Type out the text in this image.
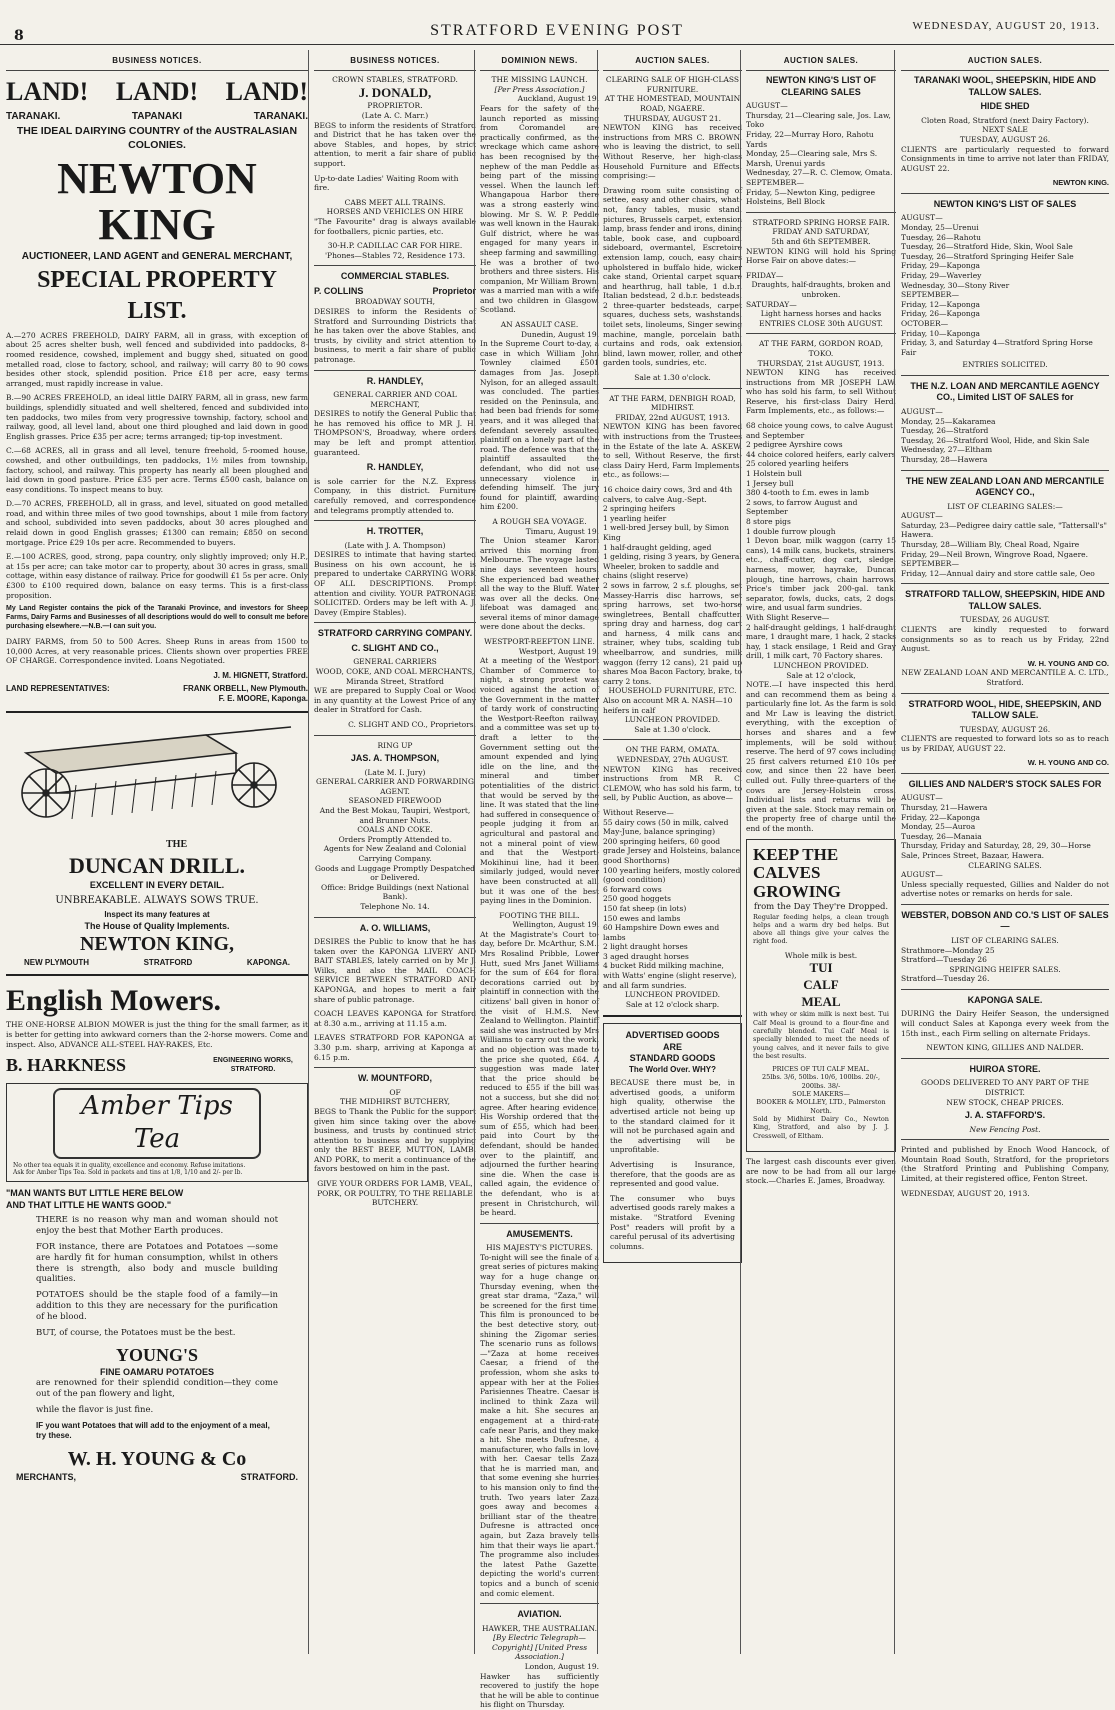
8	STRATFORD EVENING POST	WEDNESDAY, AUGUST 20, 1913.
BUSINESS NOTICES.
LAND! LAND! LAND!
TARANAKI.	TAPANAKI	TARANAKI.
THE IDEAL DAIRYING COUNTRY of the AUSTRALASIAN COLONIES.
NEWTON KING
AUCTIONEER, LAND AGENT and GENERAL MERCHANT,
SPECIAL PROPERTY LIST.

A.—270 ACRES FREEHOLD, DAIRY FARM, all in grass, with exception of about 25 acres shelter bush, well fenced and subdivided into paddocks, 8-roomed residence, cowshed, implement and buggy shed, situated on good metalled road, close to factory, school, and railway; will carry 80 to 90 cows besides other stock, splendid position. Price £18 per acre, easy terms arranged, must rapidly increase in value.

B.—90 ACRES FREEHOLD, an ideal little DAIRY FARM, all in grass, new farm buildings, splendidly situated and well sheltered, fenced and subdivided into ten paddocks, two miles from very progressive township, factory, school and railway, good, all level land, about one third ploughed and laid down in good English grasses. Price £35 per acre; terms arranged; tip-top investment.

C.—68 ACRES, all in grass and all level, tenure freehold, 5-roomed house, cowshed, and other outbuildings, ten paddocks, 1½ miles from township, factory, school, and railway. This property has nearly all been ploughed and laid down in good pasture. Price £35 per acre. Terms £500 cash, balance on easy conditions. To inspect means to buy.

D.—70 ACRES, FREEHOLD, all in grass, and level, situated on good metalled road, and within three miles of two good townships, about 1 mile from factory and school, subdivided into seven paddocks, about 30 acres ploughed and relaid down in good English grasses; £1300 can remain; £850 on second mortgage. Price £29 10s per acre. Recommended to buyers.

E.—100 ACRES, good, strong, papa country, only slightly improved; only H.P., at 15s per acre; can take motor car to property, about 30 acres in grass, small cottage, within easy distance of railway. Price for goodwill £1 5s per acre. Only £300 to £100 required down, balance on easy terms. This is a first-class proposition.

My Land Register contains the pick of the Taranaki Province, and investors for Sheep Farms, Dairy Farms and Businesses of all descriptions would do well to consult me before purchasing elsewhere.—N.B.—I can suit you.

DAIRY FARMS, from 50 to 500 Acres. Sheep Runs in areas from 1500 to 10,000 Acres, at very reasonable prices. Clients shown over properties FREE OF CHARGE. Correspondence invited. Loans Negotiated.

J. M. HIGNETT, Stratford.
LAND REPRESENTATIVES:	FRANK ORBELL, New Plymouth.
F. E. MOORE, Kaponga.
THE
DUNCAN DRILL.
EXCELLENT IN EVERY DETAIL.
UNBREAKABLE. ALWAYS SOWS TRUE.
Inspect its many features at
The House of Quality Implements.
NEWTON KING,
NEW PLYMOUTH	STRATFORD	KAPONGA.
English Mowers.

THE ONE-HORSE ALBION MOWER is just the thing for the small farmer, as it is better for getting into awkward corners than the 2-horse mowers. Come and inspect. Also, ADVANCE ALL-STEEL HAY-RAKES, Etc.

B. HARKNESS	ENGINEERING WORKS, STRATFORD.
Amber Tips Tea
No other tea equals it in quality, excellence and economy. Refuse imitations.
Ask for Amber Tips Tea. Sold in packets and tins at 1/8, 1/10 and 2/- per lb.
"MAN WANTS BUT LITTLE HERE BELOW
AND THAT LITTLE HE WANTS GOOD."

THERE is no reason why man and woman should not enjoy the best that Mother Earth produces.

FOR instance, there are Potatoes and Potatoes —some are hardly fit for human consumption, whilst in others there is strength, also body and muscle building qualities.

POTATOES should be the staple food of a family—in addition to this they are necessary for the purification of he blood.

BUT, of course, the Potatoes must be the best.

YOUNG'S
FINE OAMARU POTATOES

are renowned for their splendid condition—they come out of the pan flowery and light,

while the flavor is just fine.

IF you want Potatoes that will add to the enjoyment of a meal, try these.

W. H. YOUNG & Co
MERCHANTS,	STRATFORD.
BUSINESS NOTICES.
CROWN STABLES, STRATFORD.
J. DONALD,
PROPRIETOR.
(Late A. C. Marr.)

BEGS to inform the residents of Stratford and District that he has taken over the above Stables, and hopes, by strict attention, to merit a fair share of public support.

Up-to-date Ladies' Waiting Room with fire.

CABS MEET ALL TRAINS.
HORSES AND VEHICLES ON HIRE

"The Favourite" drag is always available for footballers, picnic parties, etc.

30-H.P. CADILLAC CAR FOR HIRE.
'Phones—Stables 72, Residence 173.
COMMERCIAL STABLES.
P. COLLINS	Proprietor
BROADWAY SOUTH,

DESIRES to inform the Residents of Stratford and Surrounding Districts that he has taken over the above Stables, and trusts, by civility and strict attention to business, to merit a fair share of public patronage.

R. HANDLEY,
GENERAL CARRIER AND COAL MERCHANT,

DESIRES to notify the General Public that he has removed his office to MR J. H. THOMPSON'S, Broadway, where orders may be left and prompt attention guaranteed.

R. HANDLEY,

is sole carrier for the N.Z. Express Company, in this district. Furniture carefully removed, and correspondence and telegrams promptly attended to.

H. TROTTER,
(Late with J. A. Thompson)

DESIRES to intimate that having started Business on his own account, he is prepared to undertake CARRYING WORK OF ALL DESCRIPTIONS. Prompt attention and civility. YOUR PATRONAGE SOLICITED. Orders may be left with A. J. Davey (Empire Stables).

STRATFORD CARRYING COMPANY.
C. SLIGHT AND CO.,
GENERAL CARRIERS
WOOD, COKE, AND COAL MERCHANTS,
Miranda Street, Stratford

WE are prepared to Supply Coal or Wood in any quantity at the Lowest Price of any dealer in Stratford for Cash.

C. SLIGHT AND CO., Proprietors.
RING UP
JAS. A. THOMPSON,
(Late M. I. Jury)
GENERAL CARRIER AND FORWARDING AGENT.
SEASONED FIREWOOD
And the Best Mokau, Taupiri, Westport, and Brunner Nuts.
COALS AND COKE.
Orders Promptly Attended to.
Agents for New Zealand and Colonial Carrying Company.
Goods and Luggage Promptly Despatched or Delivered.
Office: Bridge Buildings (next National Bank).
Telephone No. 14.
A. O. WILLIAMS,

DESIRES the Public to know that he has taken over the KAPONGA LIVERY AND BAIT STABLES, lately carried on by Mr J. Wilks, and also the MAIL COACH SERVICE BETWEEN STRATFORD AND KAPONGA, and hopes to merit a fair share of public patronage.

COACH LEAVES KAPONGA for Stratford at 8.30 a.m., arriving at 11.15 a.m.

LEAVES STRATFORD FOR KAPONGA at 3.30 p.m. sharp, arriving at Kaponga at 6.15 p.m.

W. MOUNTFORD,
OF
THE MIDHIRST BUTCHERY,

BEGS to Thank the Public for the support given him since taking over the above business, and trusts by continued strict attention to business and by supplying only the BEST BEEF, MUTTON, LAMB, AND PORK, to merit a continuance of the favors bestowed on him in the past.

GIVE YOUR ORDERS FOR LAMB, VEAL, PORK, OR POULTRY, TO THE RELIABLE BUTCHERY.
DOMINION NEWS.
THE MISSING LAUNCH.
[Per Press Association.]
Auckland, August 19.

Fears for the safety of the launch reported as missing from Coromandel are practically confirmed, as the wreckage which came ashore has been recognised by the nephew of the man Peddle as being part of the missing vessel. When the launch left Whangapoua Harbor there was a strong easterly wind blowing. Mr S. W. P. Peddle was well known in the Hauraki Gulf district, where he was engaged for many years in sheep farming and sawmilling. He was a brother of two brothers and three sisters. His companion, Mr William Brown, was a married man with a wife and two children in Glasgow, Scotland.

AN ASSAULT CASE.
Dunedin, August 19.

In the Supreme Court to-day, a case in which William John Townley claimed £501 damages from Jas. Joseph Nylson, for an alleged assault, was concluded. The parties resided on the Peninsula, and had been bad friends for some years, and it was alleged that defendant severely assaulted plaintiff on a lonely part of the road. The defence was that the plaintiff assaulted the defendant, who did not use unnecessary violence in defending himself. The jury found for plaintiff, awarding him £200.

A ROUGH SEA VOYAGE.
Timaru, August 19.

The Union steamer Karori arrived this morning from Melbourne. The voyage lasted nine days seventeen hours. She experienced bad weather all the way to the Bluff. Water was over all the decks. One lifeboat was damaged and several items of minor damage were done about the decks.

WESTPORT-REEFTON LINE.
Westport, August 19.

At a meeting of the Westport Chamber of Commerce to-night, a strong protest was voiced against the action of the Government in the matter of tardy work of constructing the Westport-Reefton railway, and a committee was set up to draft a letter to the Government setting out the amount expended and lying idle on the line, and the mineral and timber potentialities of the district that would be served by the line. It was stated that the line had suffered in consequence of people judging it from an agricultural and pastoral and not a mineral point of view, and that the Westport-Mokihinui line, had it been similarly judged, would never have been constructed at all, but it was one of the best paying lines in the Dominion.

FOOTING THE BILL.
Wellington, August 19.

At the Magistrate's Court to-day, before Dr. McArthur, S.M., Mrs Rosalind Pribble, Lower Hutt, sued Mrs Janet Williams for the sum of £64 for floral decorations carried out by plaintiff in connection with the citizens' ball given in honor of the visit of H.M.S. New Zealand to Wellington. Plaintiff said she was instructed by Mrs Williams to carry out the work, and no objection was made to the price she quoted, £64. A suggestion was made later that the price should be reduced to £55 if the bill was not a success, but she did not agree. After hearing evidence, His Worship ordered that the sum of £55, which had been paid into Court by the defendant, should be handed over to the plaintiff, and adjourned the further hearing sine die. When the case is called again, the evidence of the defendant, who is at present in Christchurch, will be heard.

AMUSEMENTS.
HIS MAJESTY'S PICTURES.

To-night will see the finale of a great series of pictures making way for a huge change on Thursday evening, when the great star drama, "Zaza," will be screened for the first time. This film is pronounced to be the best detective story, out-shining the Zigomar series. The scenario runs as follows:—"Zaza at home receives Caesar, a friend of the profession, whom she asks to appear with her at the Folies Parisiennes Theatre. Caesar is inclined to think Zaza will make a hit. She secures an engagement at a third-rate cafe near Paris, and they make a hit. She meets Dufresne, a manufacturer, who falls in love with her. Caesar tells Zaza that he is married man, and that some evening she hurries to his mansion only to find the truth. Two years later Zaza goes away and becomes a brilliant star of the theatre. Dufresne is attracted once again, but Zaza bravely tells him that their ways lie apart." The programme also includes the latest Pathe Gazette, depicting the world's current topics and a bunch of scenic and comic element.

AVIATION.
HAWKER, THE AUSTRALIAN.
[By Electric Telegraph—Copyright] [United Press Association.]
London, August 19.

Hawker has sufficiently recovered to justify the hope that he will be able to continue his flight on Thursday.

AUCTION SALES.
CLEARING SALE OF HIGH-CLASS FURNITURE.
AT THE HOMESTEAD, MOUNTAIN ROAD, NGAERE.
THURSDAY, AUGUST 21.

NEWTON KING has received instructions from MRS C. BROWN, who is leaving the district, to sell, Without Reserve, her high-class Household Furniture and Effects, comprising:—

Drawing room suite consisting of settee, easy and other chairs, what-not, fancy tables, music stand, pictures, Brussels carpet, extension lamp, brass fender and irons, dining table, book case, and cupboard, sideboard, overmantel, Escretoire extension lamp, couch, easy chairs upholstered in buffalo hide, wicker cake stand, Oriental carpet square and hearthrug, hall table, 1 d.b.r. Italian bedstead, 2 d.b.r. bedsteads, 2 three-quarter bedsteads, carpet squares, duchess sets, washstands, toilet sets, linoleums, Singer sewing machine, mangle, porcelain bath, curtains and rods, oak extension blind, lawn mower, roller, and other garden tools, sundries, etc.

Sale at 1.30 o'clock.
AT THE FARM, DENBIGH ROAD, MIDHIRST.
FRIDAY, 22nd AUGUST, 1913.

NEWTON KING has been favored with instructions from the Trustees in the Estate of the late A. ASKEW, to sell, Without Reserve, the first-class Dairy Herd, Farm Implements, etc., as follows:—

16 choice dairy cows, 3rd and 4th calvers, to calve Aug.-Sept.
2 springing heifers
1 yearling heifer
1 well-bred Jersey bull, by Simon King
1 half-draught gelding, aged
1 gelding, rising 3 years, by General Wheeler, broken to saddle and chains (slight reserve)
2 sows in farrow, 2 s.f. ploughs, set Massey-Harris disc harrows, set spring harrows, set two-horse swingletrees, Bentall chaffcutter, spring dray and harness, dog cart and harness, 4 milk cans and strainer, whey tubs, scalding tub, wheelbarrow, and sundries, milk waggon (ferry 12 cans), 21 paid up shares Moa Bacon Factory, brake, to carry 2 tons.
HOUSEHOLD FURNITURE, ETC.
Also on account MR A. NASH—10 heifers in calf
LUNCHEON PROVIDED.
Sale at 1.30 o'clock.
ON THE FARM, OMATA.
WEDNESDAY, 27th AUGUST.

NEWTON KING has received instructions from MR R. C. CLEMOW, who has sold his farm, to sell, by Public Auction, as above—

Without Reserve—
55 dairy cows (50 in milk, calved May-June, balance springing)
200 springing heifers, 60 good grade Jersey and Holsteins, balance good Shorthorns)
100 yearling heifers, mostly colored (good condition)
6 forward cows
250 good hoggets
150 fat sheep (in lots)
150 ewes and lambs
60 Hampshire Down ewes and lambs
2 light draught horses
3 aged draught horses
4 bucket Ridd milking machine, with Watts' engine (slight reserve), and all farm sundries.
LUNCHEON PROVIDED.
Sale at 12 o'clock sharp.
ADVERTISED GOODS
ARE
STANDARD GOODS
The World Over. WHY?

BECAUSE there must be, in advertised goods, a uniform high quality, otherwise the advertised article not being up to the standard claimed for it will not be purchased again and the advertising will be unprofitable.

Advertising is Insurance, therefore, that the goods are as represented and good value.

The consumer who buys advertised goods rarely makes a mistake. "Stratford Evening Post" readers will profit by a careful perusal of its advertising columns.

AUCTION SALES.
NEWTON KING'S LIST OF CLEARING SALES
AUGUST—
Thursday, 21—Clearing sale, Jos. Law, Toko
Friday, 22—Murray Horo, Rahotu Yards
Monday, 25—Clearing sale, Mrs S. Marsh, Urenui yards
Wednesday, 27—R. C. Clemow, Omata.
SEPTEMBER—
Friday, 5—Newton King, pedigree Holsteins, Bell Block
STRATFORD SPRING HORSE FAIR.
FRIDAY AND SATURDAY,
5th and 6th SEPTEMBER.

NEWTON KING will hold his Spring Horse Fair on above dates:—

FRIDAY—
Draughts, half-draughts, broken and unbroken.
SATURDAY—
Light harness horses and hacks
ENTRIES CLOSE 30th AUGUST.
AT THE FARM, GORDON ROAD, TOKO.
THURSDAY, 21st AUGUST, 1913.

NEWTON KING has received instructions from MR JOSEPH LAW, who has sold his farm, to sell Without Reserve, his first-class Dairy Herd, Farm Implements, etc., as follows:—

68 choice young cows, to calve August and September
2 pedigree Ayrshire cows
44 choice colored heifers, early calvers
25 colored yearling heifers
1 Holstein bull
1 Jersey bull
380 4-tooth to f.m. ewes in lamb
2 sows, to farrow August and September
8 store pigs
1 double furrow plough
1 Devon boar, milk waggon (carry 15 cans), 14 milk cans, buckets, strainers, etc., chaff-cutter, dog cart, sledge, harness, mower, hayrake, Duncan plough, tine harrows, chain harrows, Price's timber jack 200-gal. tank, separator, fowls, ducks, cats, 2 dogs, wire, and usual farm sundries.
With Slight Reserve—
2 half-draught geldings, 1 half-draught mare, 1 draught mare, 1 hack, 2 stacks hay, 1 stack ensilage, 1 Reid and Gray drill, 1 milk cart, 70 Factory shares.
LUNCHEON PROVIDED.
Sale at 12 o'clock,

NOTE.—I have inspected this herd, and can recommend them as being a particularly fine lot. As the farm is sold and Mr Law is leaving the district, everything, with the exception of horses and shares and a few implements, will be sold without reserve. The herd of 97 cows including 25 first calvers returned £10 10s per cow, and since then 22 have been culled out. Fully three-quarters of the cows are Jersey-Holstein cross. Individual lists and returns will be given at the sale. Stock may remain on the property free of charge until the end of the month.

KEEP THE
CALVES
GROWING
from the Day They're Dropped.

Regular feeding helps, a clean trough helps and a warm dry bed helps. But above all things give your calves the right food.

Whole milk is best.
TUI
CALF
MEAL

with whey or skim milk is next best. Tui Calf Meal is ground to a flour-fine and carefully blended. Tui Calf Meal is specially blended to meet the needs of young calves, and it never fails to give the best results.

PRICES OF TUI CALF MEAL.
25lbs. 3/6, 50lbs. 10/6, 100lbs. 20/-, 200lbs. 38/-
SOLE MAKERS—
BOOKER & MOLLEY, LTD., Palmerston North.

Sold by Midhirst Dairy Co., Newton King, Stratford, and also by J. J. Cresswell, of Eltham.

The largest cash discounts ever given are now to be had from all our large stock.—Charles E. James, Broadway.

AUCTION SALES.
TARANAKI WOOL, SHEEPSKIN, HIDE AND TALLOW SALES.
HIDE SHED
Cloten Road, Stratford (next Dairy Factory).
NEXT SALE
TUESDAY, AUGUST 26.

CLIENTS are particularly requested to forward Consignments in time to arrive not later than FRIDAY, AUGUST 22.

NEWTON KING.
NEWTON KING'S LIST OF SALES
AUGUST—
Monday, 25—Urenui
Tuesday, 26—Rahotu
Tuesday, 26—Stratford Hide, Skin, Wool Sale
Tuesday, 26—Stratford Springing Heifer Sale
Friday, 29—Kaponga
Friday, 29—Waverley
Wednesday, 30—Stony River
SEPTEMBER—
Friday, 12—Kaponga
Friday, 26—Kaponga
OCTOBER—
Friday, 10—Kaponga
Friday, 3, and Saturday 4—Stratford Spring Horse Fair
ENTRIES SOLICITED.
THE N.Z. LOAN AND MERCANTILE AGENCY CO., Limited LIST OF SALES for
AUGUST—
Monday, 25—Kakaramea
Tuesday, 26—Stratford
Tuesday, 26—Stratford Wool, Hide, and Skin Sale
Wednesday, 27—Eltham
Thursday, 28—Hawera
THE NEW ZEALAND LOAN AND MERCANTILE AGENCY CO.,
LIST OF CLEARING SALES:—
AUGUST—
Saturday, 23—Pedigree dairy cattle sale, "Tattersall's" Hawera.
Thursday, 28—William Bly, Cheal Road, Ngaire
Friday, 29—Neil Brown, Wingrove Road, Ngaere.
SEPTEMBER—
Friday, 12—Annual dairy and store cattle sale, Oeo
STRATFORD TALLOW, SHEEPSKIN, HIDE AND TALLOW SALES.
TUESDAY, 26 AUGUST.

CLIENTS are kindly requested to forward consignments so as to reach us by Friday, 22nd August.

W. H. YOUNG AND CO.
NEW ZEALAND LOAN AND MERCANTILE A. C. LTD., Stratford.
STRATFORD WOOL, HIDE, SHEEPSKIN, AND TALLOW SALE.
TUESDAY, AUGUST 26.

CLIENTS are requested to forward lots so as to reach us by FRIDAY, AUGUST 22.

W. H. YOUNG AND CO.
GILLIES AND NALDER'S STOCK SALES FOR
AUGUST—
Thursday, 21—Hawera
Friday, 22—Kaponga
Monday, 25—Auroa
Tuesday, 26—Manaia
Thursday, Friday and Saturday, 28, 29, 30—Horse Sale, Princes Street, Bazaar, Hawera.
CLEARING SALES.
AUGUST—

Unless specially requested, Gillies and Nalder do not advertise notes or remarks on herds for sale.

WEBSTER, DOBSON AND CO.'S LIST OF SALES—
LIST OF CLEARING SALES.
Strathmore—Monday 25
Stratford—Tuesday 26
SPRINGING HEIFER SALES.
Stratford—Tuesday 26.
KAPONGA SALE.

DURING the Dairy Heifer Season, the undersigned will conduct Sales at Kaponga every week from the 15th inst., each Firm selling on alternate Fridays.

NEWTON KING, GILLIES AND NALDER.
HUIROA STORE.
GOODS DELIVERED TO ANY PART OF THE DISTRICT.
NEW STOCK, CHEAP PRICES.
J. A. STAFFORD'S.
New Fencing Post.

Printed and published by Enoch Wood Hancock, of Mountain Road South, Stratford, for the proprietors (the Stratford Printing and Publishing Company, Limited, at their registered office, Fenton Street.

WEDNESDAY, AUGUST 20, 1913.
